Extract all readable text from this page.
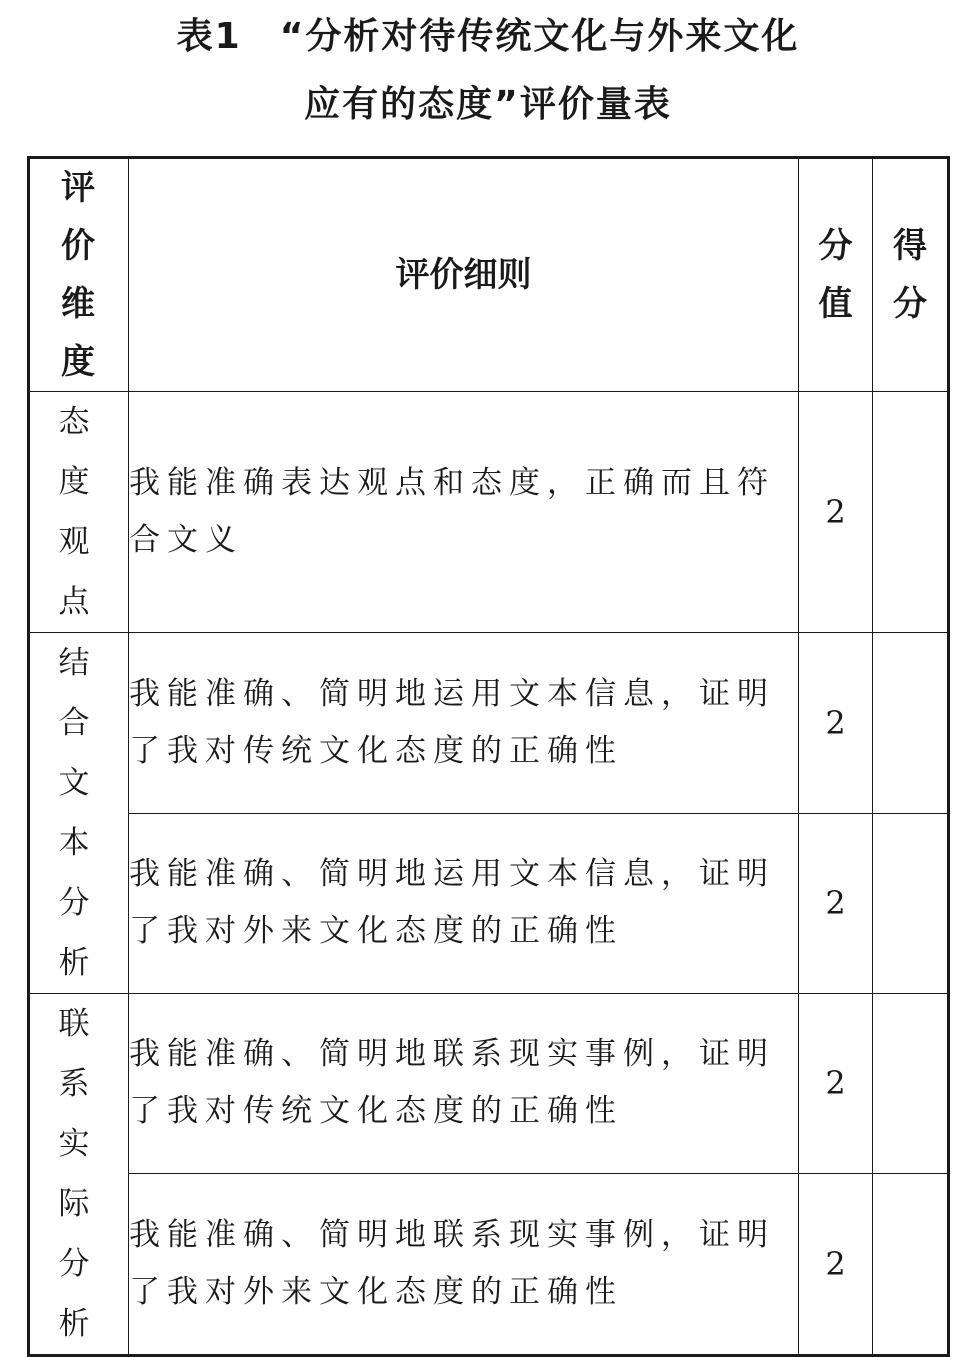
表1　“分析对待传统文化与外来文化
应有的态度”评价量表
评价维度	评价细则	分值	得分

态度观点	我能准确表达观点和态度，正确而且符合文义	2	

结合文本分析	我能准确、简明地运用文本信息，证明了我对传统文化态度的正确性	2	

	我能准确、简明地运用文本信息，证明了我对外来文化态度的正确性	2	

联系实际分析	我能准确、简明地联系现实事例，证明了我对传统文化态度的正确性	2	

	我能准确、简明地联系现实事例，证明了我对外来文化态度的正确性	2	
